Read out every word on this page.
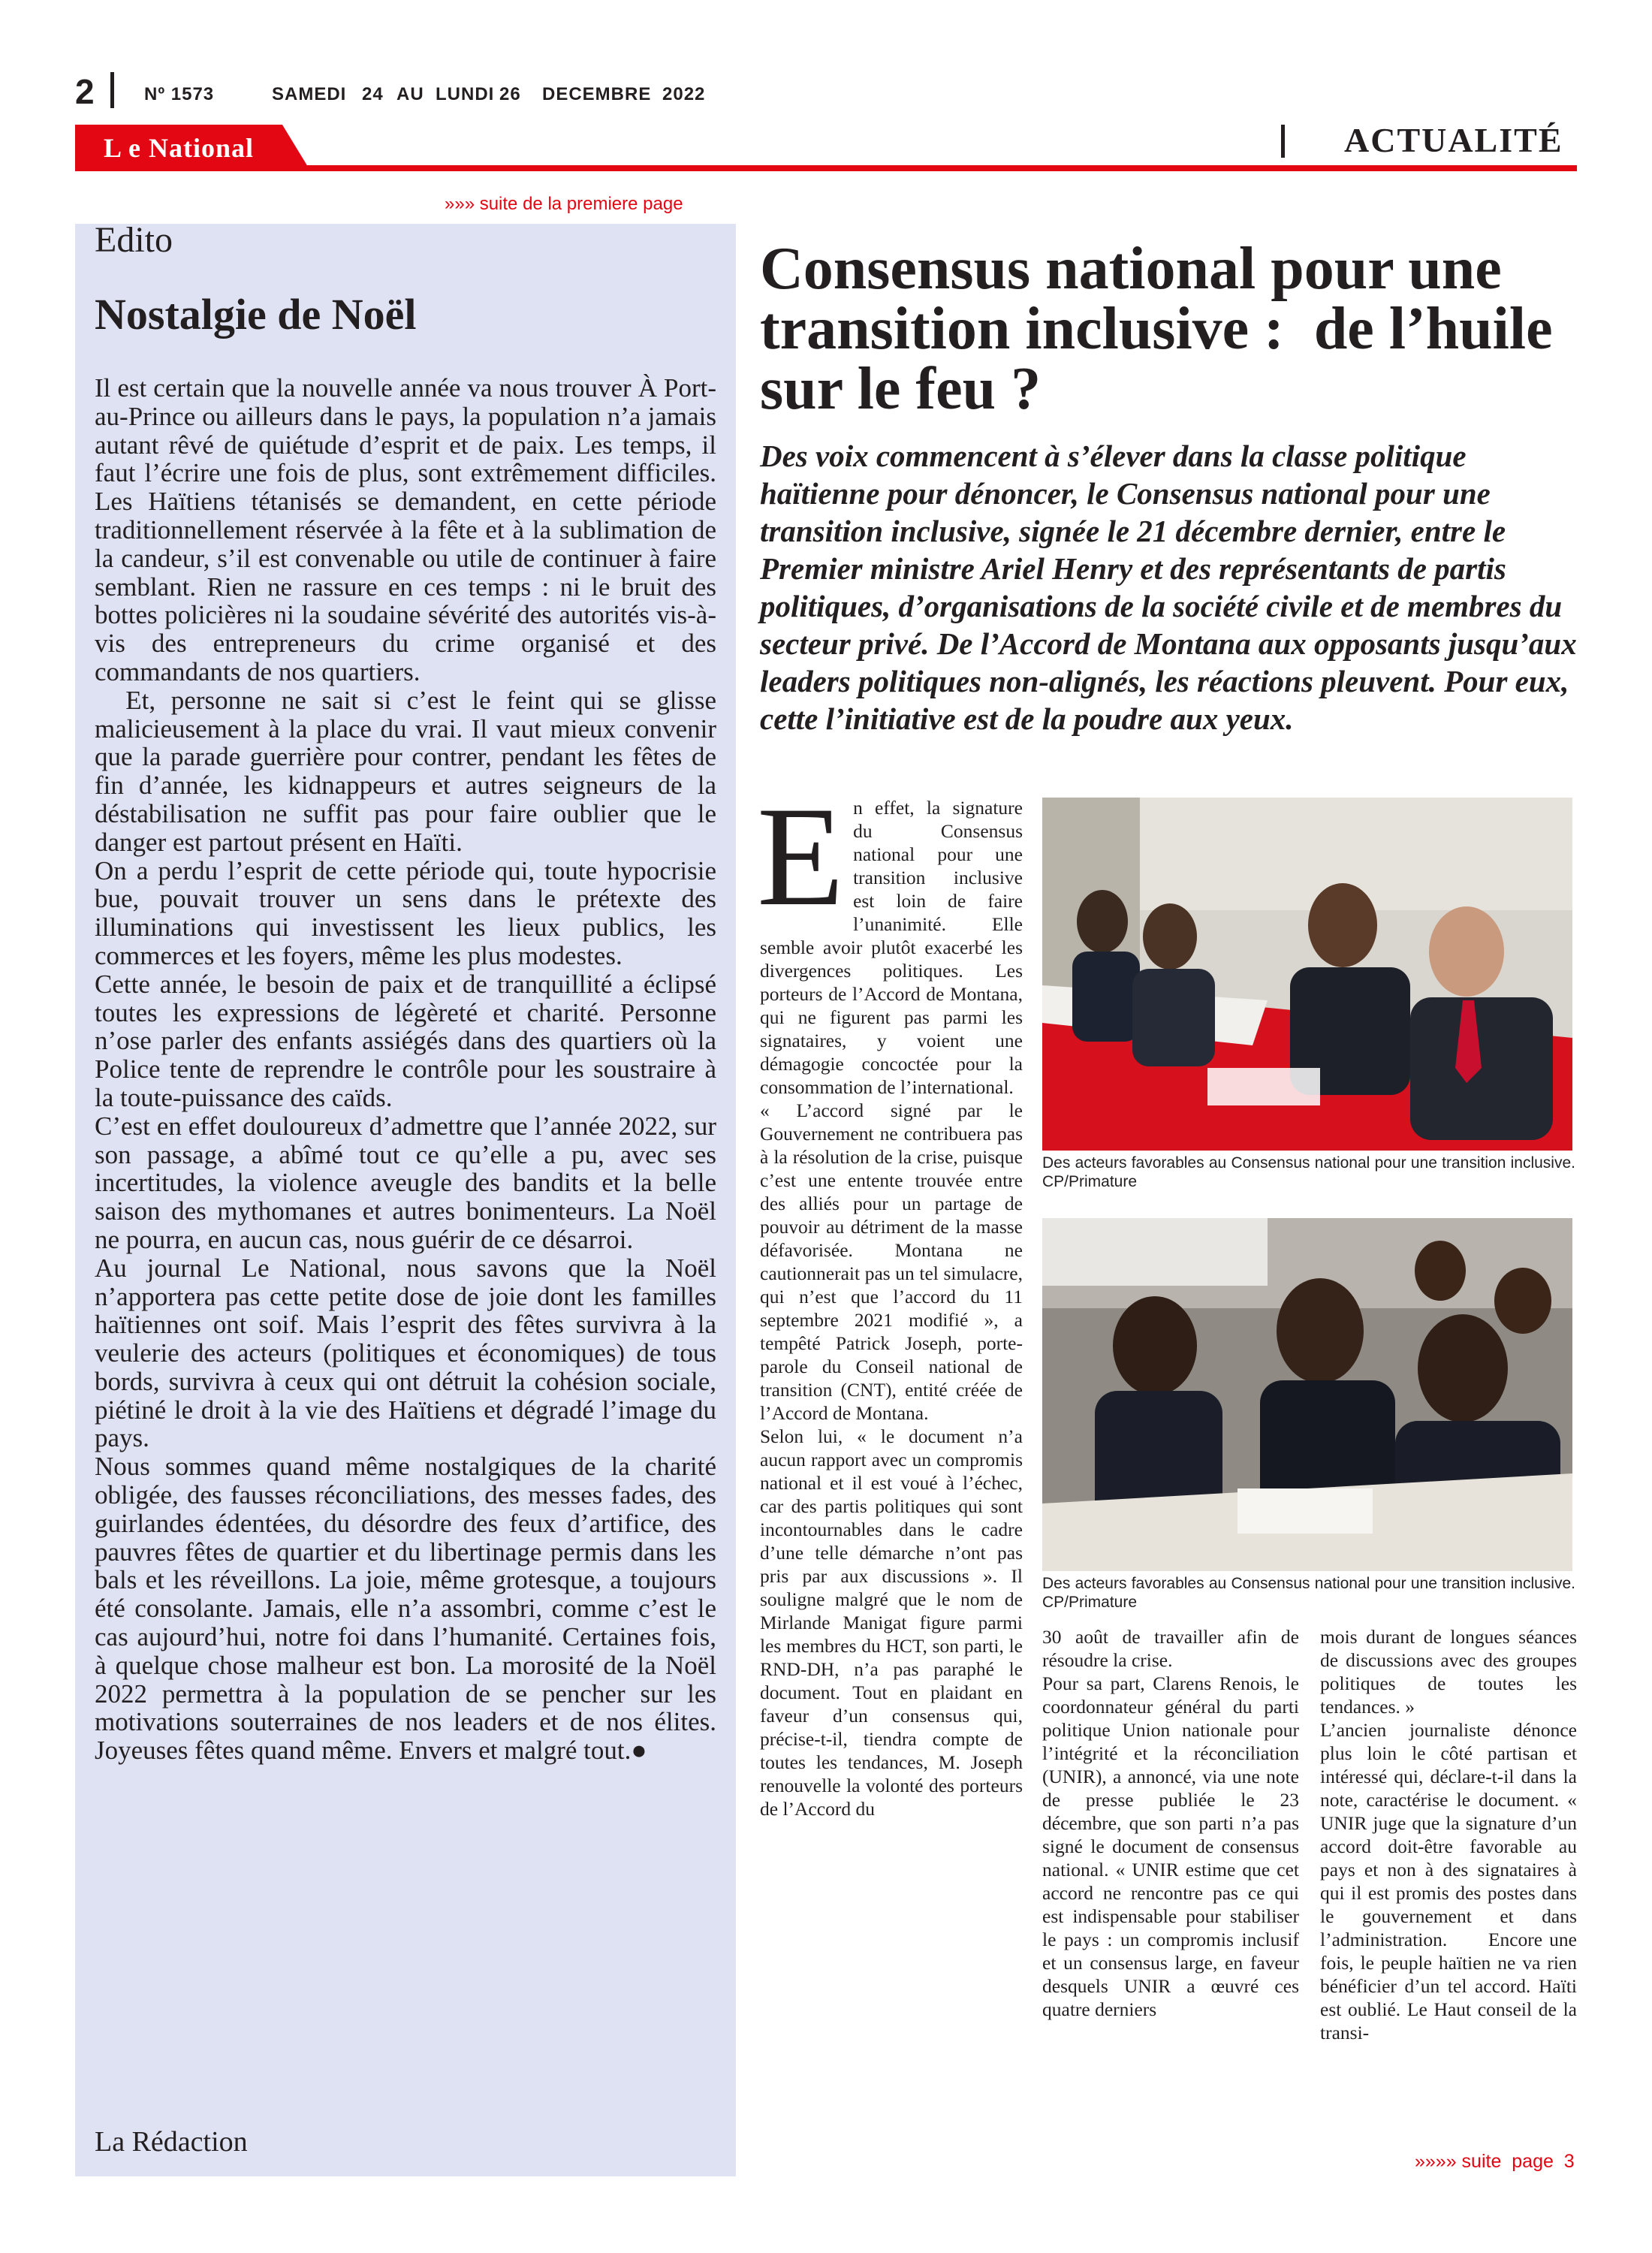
2	Nº 1573	SAMEDI 24 AU LUNDI 26 DECEMBRE 2022
L e National	ACTUALITÉ
»»» suite de la premiere page
Edito
Nostalgie de Noël

Il est certain que la nouvelle année va nous trouver À Port-au-Prince ou ailleurs dans le pays, la population n’a jamais autant rêvé de quiétude d’esprit et de paix. Les temps, il faut l’écrire une fois de plus, sont extrêmement difficiles. Les Haïtiens tétanisés se demandent, en cette période traditionnellement réservée à la fête et à la sublimation de la candeur, s’il est convenable ou utile de continuer à faire semblant. Rien ne rassure en ces temps : ni le bruit des bottes policières ni la soudaine sévérité des autorités vis-à-vis des entrepreneurs du crime organisé et des commandants de nos quartiers.

Et, personne ne sait si c’est le feint qui se glisse malicieusement à la place du vrai. Il vaut mieux convenir que la parade guerrière pour contrer, pendant les fêtes de fin d’année, les kidnappeurs et autres seigneurs de la déstabilisation ne suffit pas pour faire oublier que le danger est partout présent en Haïti.

On a perdu l’esprit de cette période qui, toute hypocrisie bue, pouvait trouver un sens dans le prétexte des illuminations qui investissent les lieux publics, les commerces et les foyers, même les plus modestes.

Cette année, le besoin de paix et de tranquillité a éclipsé toutes les expressions de légèreté et charité. Personne n’ose parler des enfants assiégés dans des quartiers où la Police tente de reprendre le contrôle pour les soustraire à la toute-puissance des caïds.

C’est en effet douloureux d’admettre que l’année 2022, sur son passage, a abîmé tout ce qu’elle a pu, avec ses incertitudes, la violence aveugle des bandits et la belle saison des mythomanes et autres bonimenteurs. La Noël ne pourra, en aucun cas, nous guérir de ce désarroi.

Au journal Le National, nous savons que la Noël n’apportera pas cette petite dose de joie dont les familles haïtiennes ont soif. Mais l’esprit des fêtes survivra à la veulerie des acteurs (politiques et économiques) de tous bords, survivra à ceux qui ont détruit la cohésion sociale, piétiné le droit à la vie des Haïtiens et dégradé l’image du pays.

Nous sommes quand même nostalgiques de la charité obligée, des fausses réconciliations, des messes fades, des guirlandes édentées, du désordre des feux d’artifice, des pauvres fêtes de quartier et du libertinage permis dans les bals et les réveillons. La joie, même grotesque, a toujours été consolante. Jamais, elle n’a assombri, comme c’est le cas aujourd’hui, notre foi dans l’humanité. Certaines fois, à quelque chose malheur est bon. La morosité de la Noël 2022 permettra à la population de se pencher sur les motivations souterraines de nos leaders et de nos élites. Joyeuses fêtes quand même. Envers et malgré tout.●

La Rédaction
Consensus national pour une transition inclusive :  de l’huile sur le feu ?
Des voix commencent à s’élever dans la classe politique haïtienne pour dénoncer, le Consensus national pour une transition inclusive, signée le 21 décembre dernier, entre le Premier ministre Ariel Henry et des représentants de partis politiques, d’organisations de la société civile et de membres du secteur privé. De l’Accord de Montana aux opposants jusqu’aux leaders politiques non-alignés, les réactions pleuvent. Pour eux, cette l’initiative est de la poudre aux yeux.

En effet, la signature du Consensus national pour une transition inclusive est loin de faire l’unanimité. Elle semble avoir plutôt exacerbé les divergences politiques. Les porteurs de l’Accord de Montana, qui ne figurent pas parmi les signataires, y voient une démagogie concoctée pour la consommation de l’international.

« L’accord signé par le Gouvernement ne contribuera pas à la résolution de la crise, puisque c’est une entente trouvée entre des alliés pour un partage de pouvoir au détriment de la masse défavorisée. Montana ne cautionnerait pas un tel simulacre, qui n’est que l’accord du 11 septembre 2021 modifié », a tempêté Patrick Joseph, porte-parole du Conseil national de transition (CNT), entité créée de l’Accord de Montana.

Selon lui, « le document n’a aucun rapport avec un compromis national et il est voué à l’échec, car des partis politiques qui sont incontournables dans le cadre d’une telle démarche n’ont pas pris par aux discussions ». Il souligne malgré que le nom de Mirlande Manigat figure parmi les membres du HCT, son parti, le RND-DH, n’a pas paraphé le document. Tout en plaidant en faveur d’un consensus qui, précise-t-il, tiendra compte de toutes les tendances, M. Joseph renouvelle la volonté des porteurs de l’Accord du

Des acteurs favorables au Consensus national pour une transition inclusive. CP/Primature
Des acteurs favorables au Consensus national pour une transition inclusive. CP/Primature

30 août de travailler afin de résoudre la crise.

Pour sa part, Clarens Renois, le coordonnateur général du parti politique Union nationale pour l’intégrité et la réconciliation (UNIR), a annoncé, via une note de presse publiée le 23 décembre, que son parti n’a pas signé le document de consensus national. « UNIR estime que cet accord ne rencontre pas ce qui est indispensable pour stabiliser le pays : un compromis inclusif et un consensus large, en faveur desquels UNIR a œuvré ces quatre derniers

mois durant de longues séances de discussions avec des groupes politiques de toutes les tendances. »

L’ancien journaliste dénonce plus loin le côté partisan et intéressé qui, déclare-t-il dans la note, caractérise le document. « UNIR juge que la signature d’un accord doit-être favorable au pays et non à des signataires à qui il est promis des postes dans le gouvernement et dans l’administration.      Encore une fois, le peuple haïtien ne va rien bénéficier d’un tel accord. Haïti est oublié. Le Haut conseil de la transi-

»»»» suite  page  3
